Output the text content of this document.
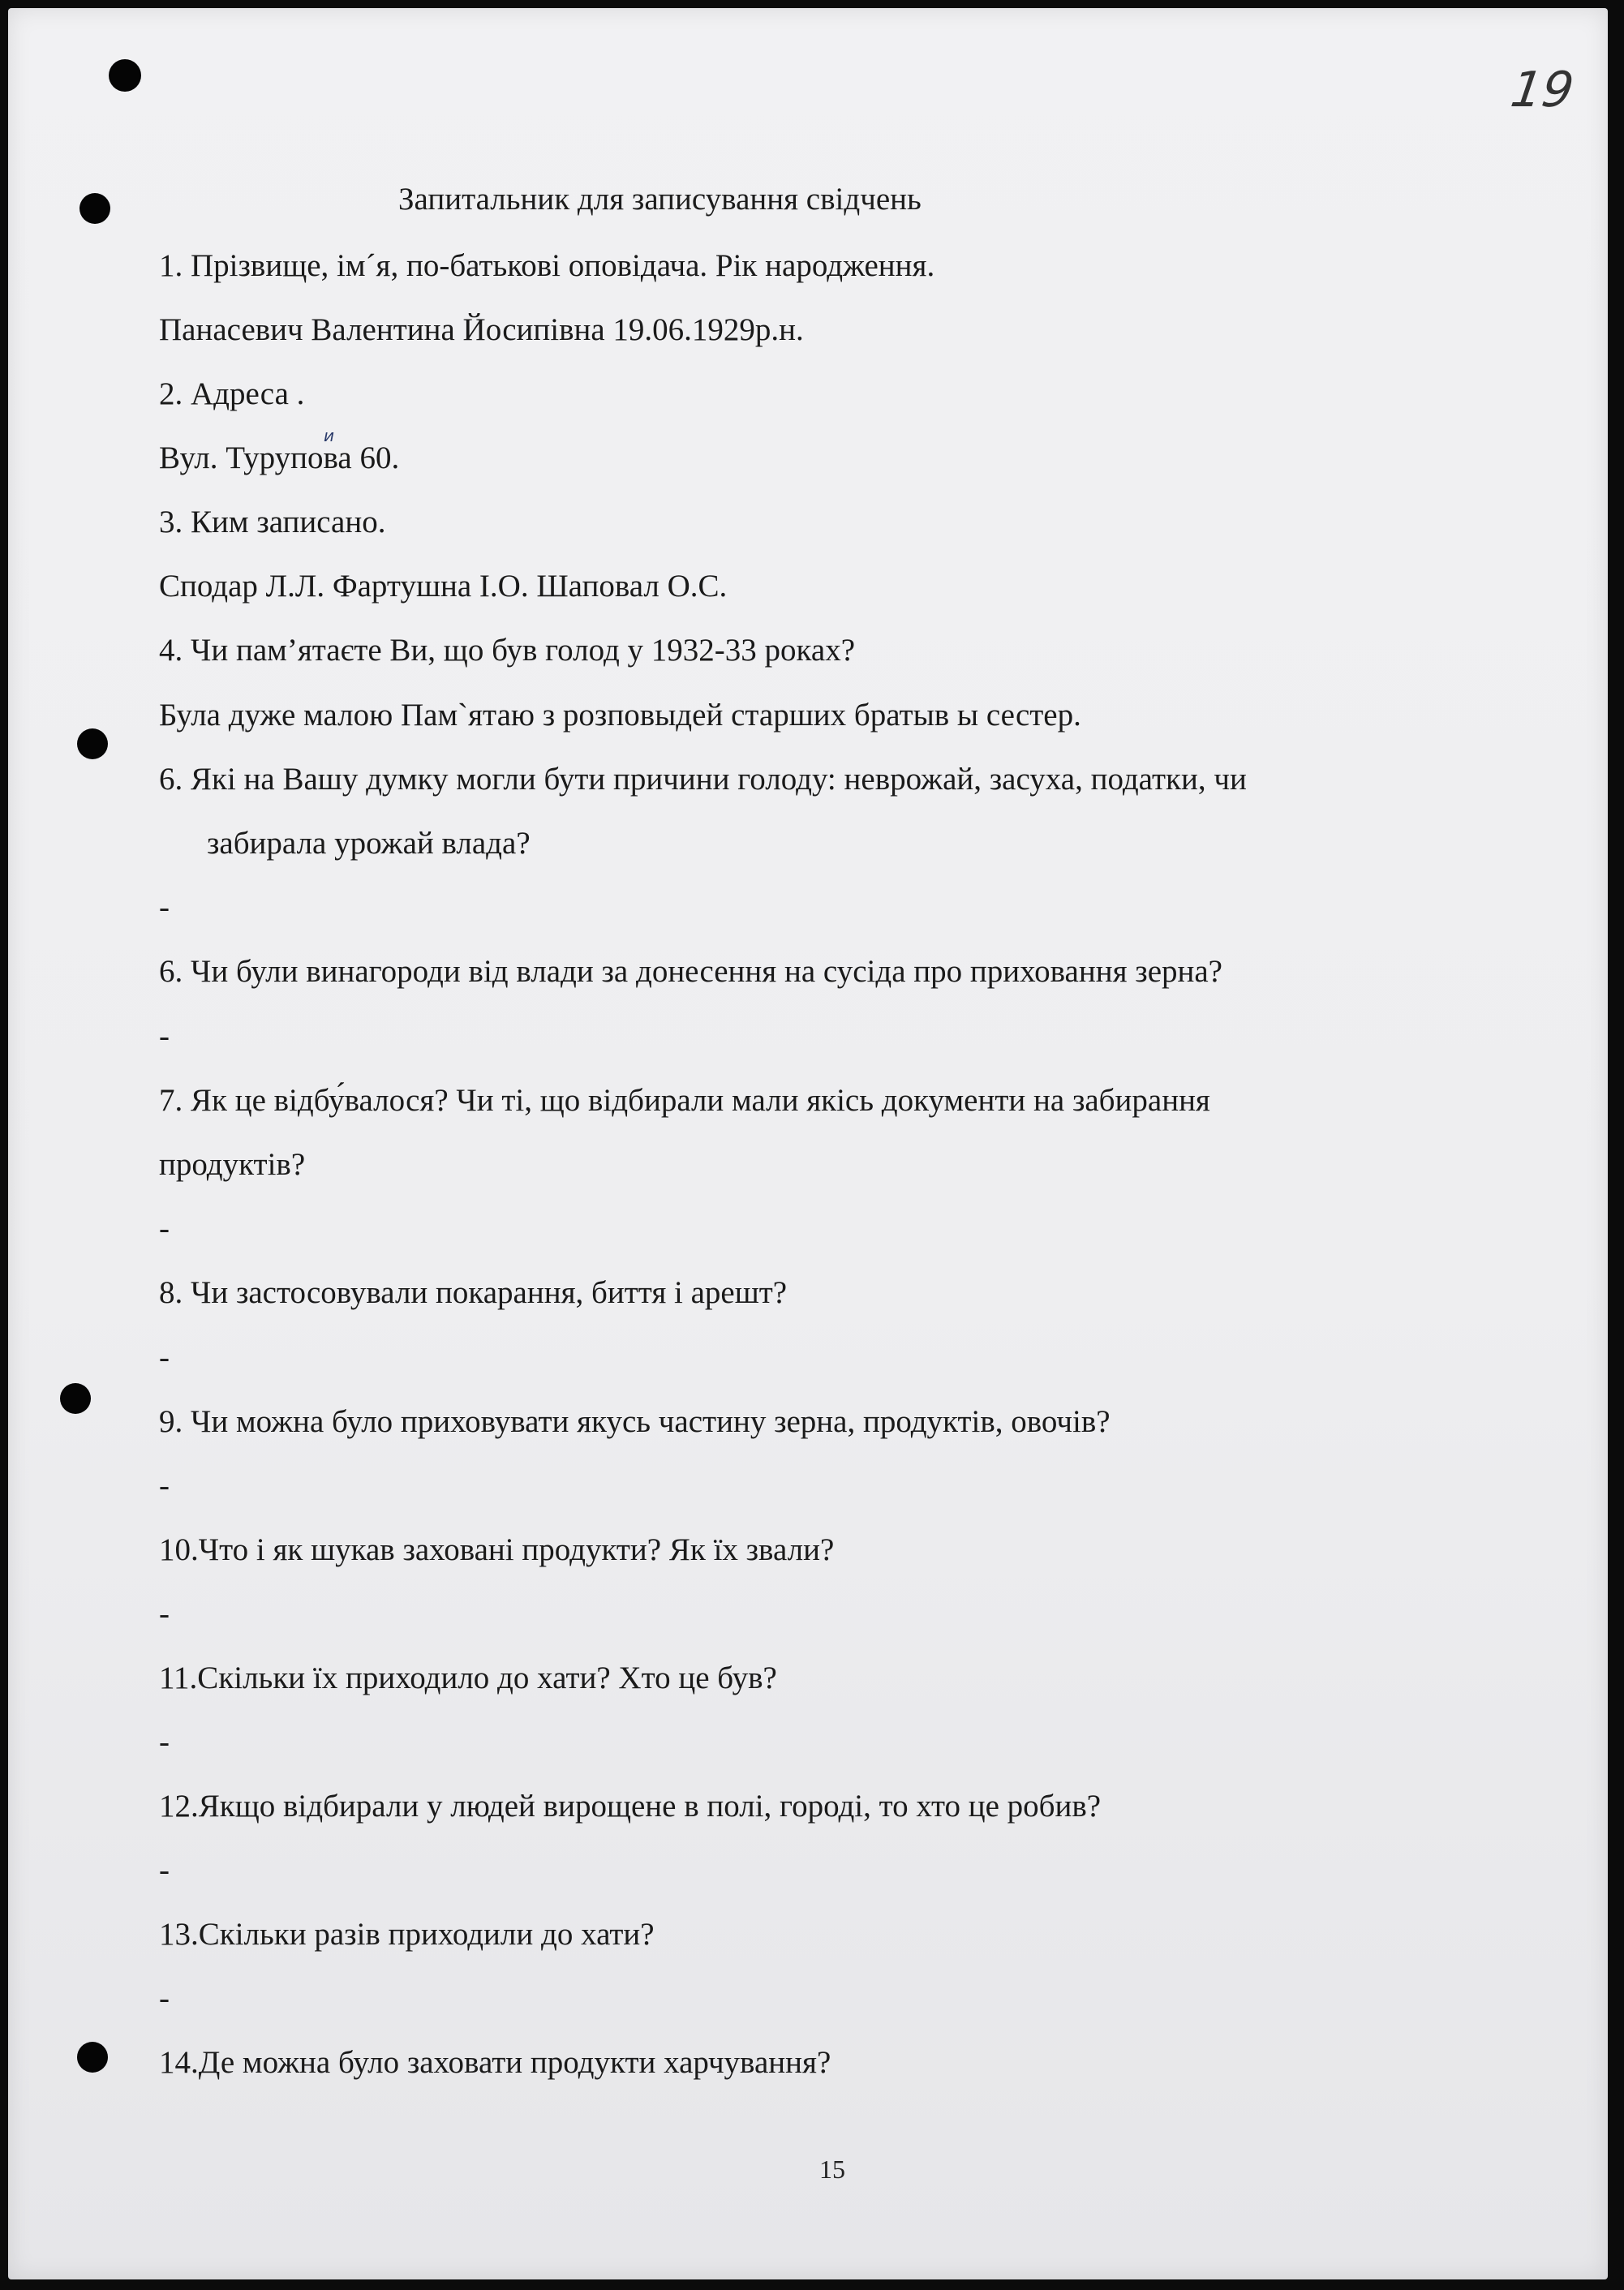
19

Запитальник для записування свідчень

1. Прізвище, ім´я, по-батькові оповідача. Рік народження.

Панасевич Валентина Йосипівна 19.06.1929р.н.

2. Адреса .

Вул. Турупова 60.

и

3. Ким записано.

Сподар Л.Л. Фартушна І.О. Шаповал О.С.

4. Чи пам’ятаєте Ви, що був голод у 1932-33 роках?

Була дуже малою Пам`ятаю з розповыдей старших братыв ы сестер.

6. Які на Вашу думку могли бути причини голоду: неврожай, засуха, податки, чи

забирала урожай влада?

-

6. Чи були винагороди від влади за донесення на сусіда про приховання зерна?

-

7. Як це відбу́валося? Чи ті, що відбирали мали якісь документи на забирання

продуктів?

-

8. Чи застосовували покарання, биття і арешт?

-

9. Чи можна було приховувати якусь частину зерна, продуктів, овочів?

-

10.Что і як шукав заховані продукти? Як їх звали?

-

11.Скільки їх приходило до хати? Хто це був?

-

12.Якщо відбирали у людей вирощене в полі, городі, то хто це робив?

-

13.Скільки разів приходили до хати?

-

14.Де можна було заховати продукти харчування?

15
